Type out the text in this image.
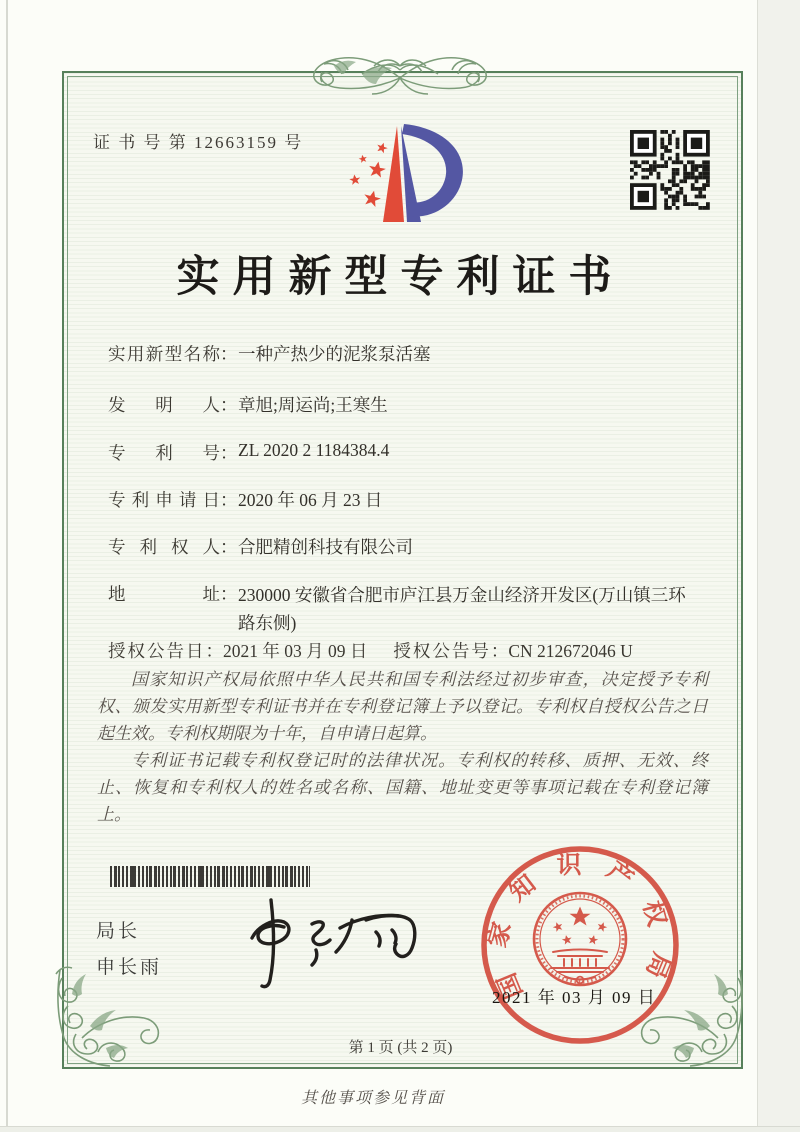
证 书 号 第 12663159 号
实用新型专利证书
实用新型名称：一种产热少的泥浆泵活塞
发明人：章旭;周运尚;王寒生
专利号：ZL 2020 2 1184384.4
专利申请日：2020 年 06 月 23 日
专利权人：合肥精创科技有限公司
地址：230000 安徽省合肥市庐江县万金山经济开发区(万山镇三环路东侧)
授权公告日：2021 年 03 月 09 日 授权公告号：CN 212672046 U

国家知识产权局依照中华人民共和国专利法经过初步审查，决定授予专利权、颁发实用新型专利证书并在专利登记簿上予以登记。专利权自授权公告之日起生效。专利权期限为十年，自申请日起算。

专利证书记载专利权登记时的法律状况。专利权的转移、质押、无效、终止、恢复和专利权人的姓名或名称、国籍、地址变更等事项记载在专利登记簿上。

局长
申长雨	国家知识产权局
2021 年 03 月 09 日
第 1 页 (共 2 页)
其他事项参见背面
